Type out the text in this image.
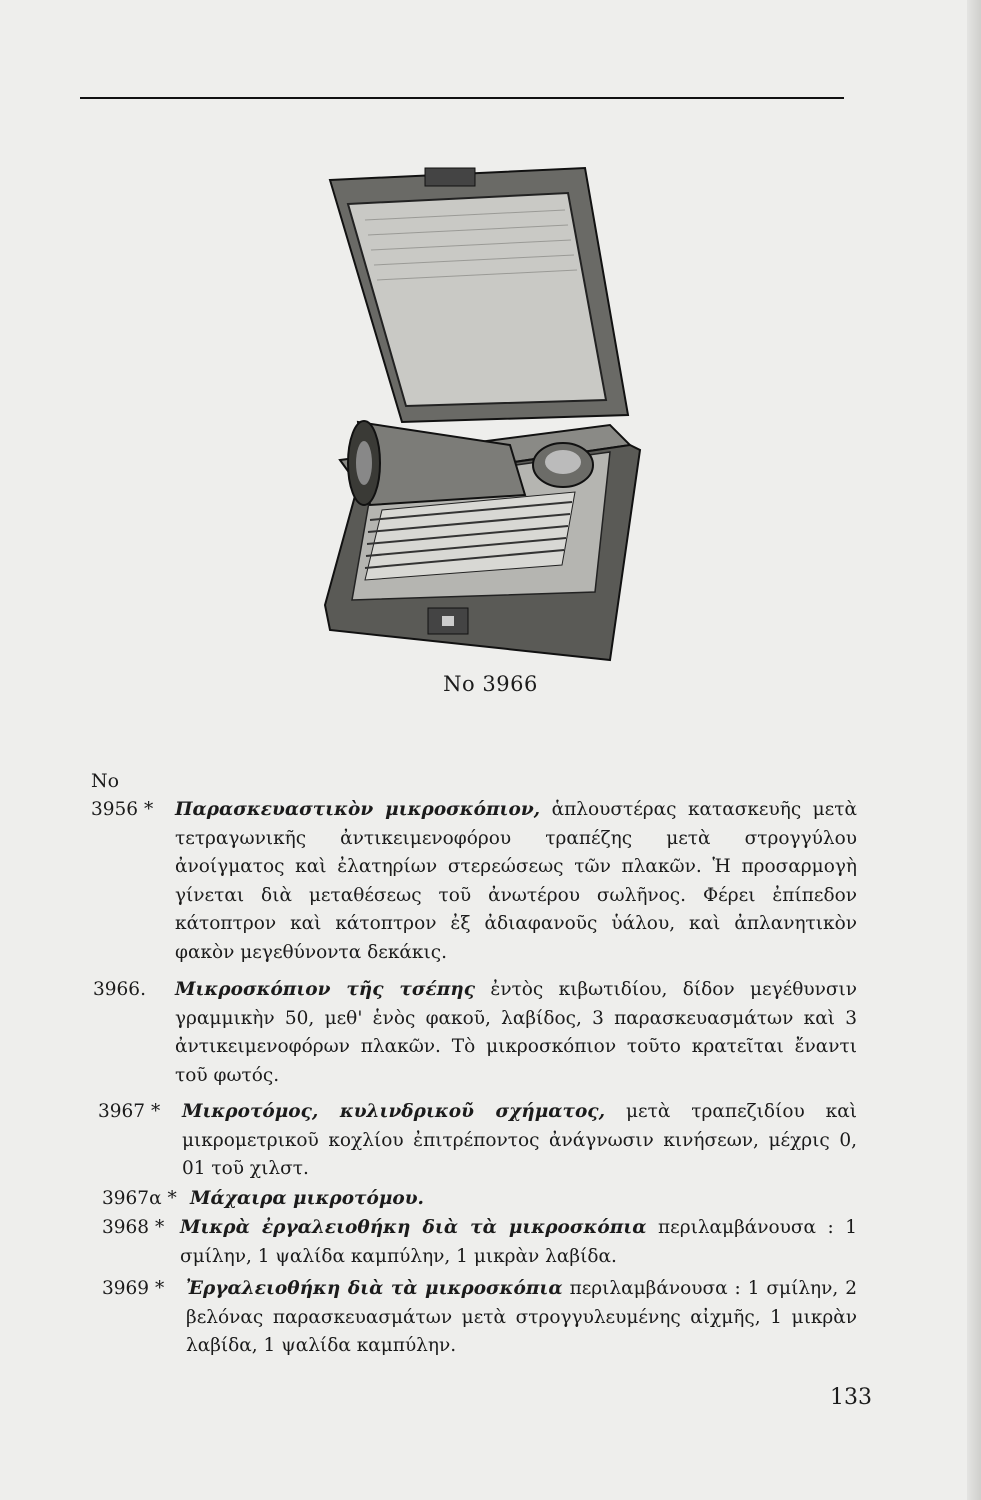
No 3966
No
3956 * Παρασκευαστικὸν μικροσκόπιον, ἁπλουστέρας κατασκευῆς μετὰ τετραγωνικῆς ἀντικειμενοφόρου τραπέζης μετὰ στρογγύλου ἀνοίγματος καὶ ἐλατηρίων στερεώσεως τῶν πλακῶν. Ἡ προσαρμογὴ γίνεται διὰ μεταθέσεως τοῦ ἀνωτέρου σωλῆνος. Φέρει ἐπίπεδον κάτοπτρον καὶ κάτοπτρον ἐξ ἀδιαφανοῦς ὑάλου, καὶ ἀπλανητικὸν φακὸν μεγεθύνοντα δεκάκις.

3966. Μικροσκόπιον τῆς τσέπης ἐντὸς κιβωτιδίου, δίδον μεγέθυνσιν γραμμικὴν 50, μεθ' ἑνὸς φακοῦ, λαβίδος, 3 παρασκευασμάτων καὶ 3 ἀντικειμενοφόρων πλακῶν. Τὸ μικροσκόπιον τοῦτο κρατεῖται ἔναντι τοῦ φωτός.

3967 * Μικροτόμος, κυλινδρικοῦ σχήματος, μετὰ τραπεζιδίου καὶ μικρομετρικοῦ κοχλίου ἐπιτρέποντος ἀνάγνωσιν κινήσεων, μέχρις 0, 01 τοῦ χιλστ.

3967α * Μάχαιρα μικροτόμου.

3968 * Μικρὰ ἐργαλειοθήκη διὰ τὰ μικροσκόπια περιλαμβάνουσα : 1 σμίλην, 1 ψαλίδα καμπύλην, 1 μικρὰν λαβίδα.

3969 * Ἐργαλειοθήκη διὰ τὰ μικροσκόπια περιλαμβάνουσα : 1 σμίλην, 2 βελόνας παρασκευασμάτων μετὰ στρογγυλευμένης αἰχμῆς, 1 μικρὰν λαβίδα, 1 ψαλίδα καμπύλην.

133
